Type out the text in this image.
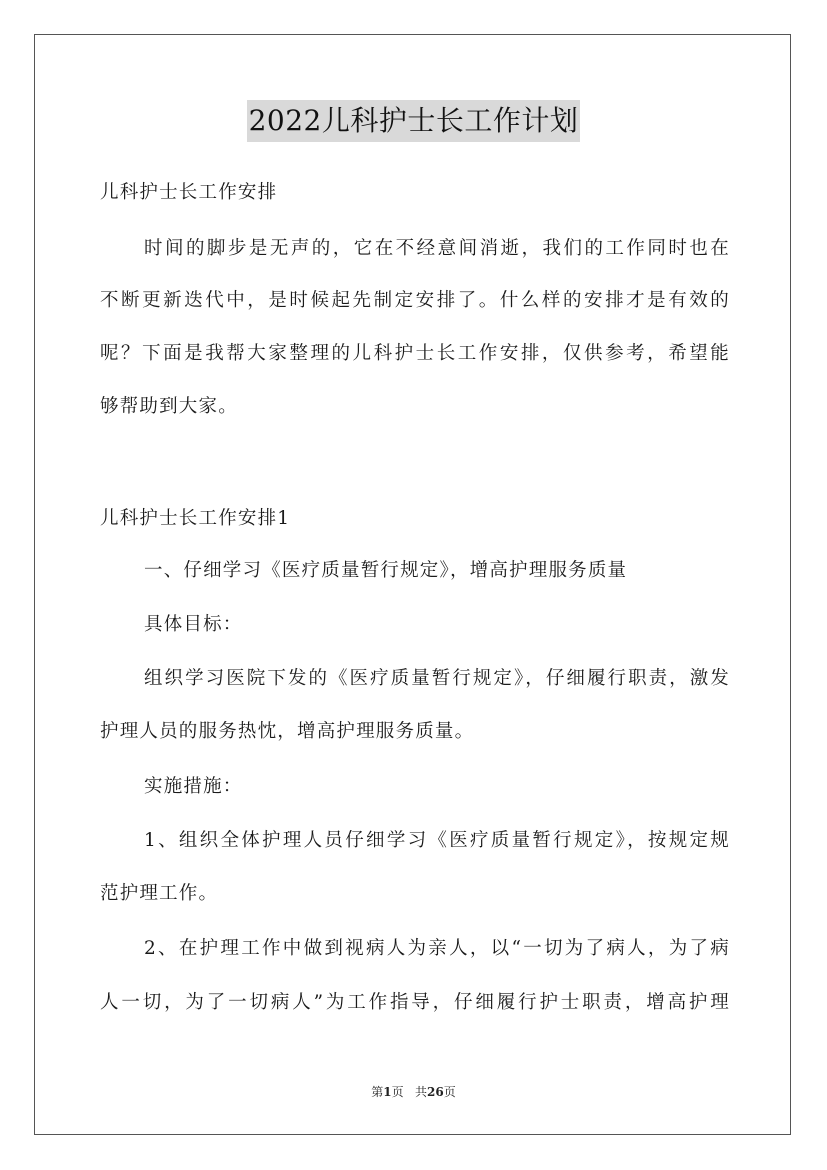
2022儿科护士长工作计划
儿科护士长工作安排
时间的脚步是无声的，它在不经意间消逝，我们的工作同时也在
不断更新迭代中，是时候起先制定安排了。什么样的安排才是有效的
呢？下面是我帮大家整理的儿科护士长工作安排，仅供参考，希望能
够帮助到大家。
儿科护士长工作安排1
一、仔细学习《医疗质量暂行规定》，增高护理服务质量
具体目标：
组织学习医院下发的《医疗质量暂行规定》，仔细履行职责，激发
护理人员的服务热忱，增高护理服务质量。
实施措施：
1、组织全体护理人员仔细学习《医疗质量暂行规定》，按规定规
范护理工作。
2、在护理工作中做到视病人为亲人，以“一切为了病人，为了病
人一切，为了一切病人”为工作指导，仔细履行护士职责，增高护理
第1页   共26页
